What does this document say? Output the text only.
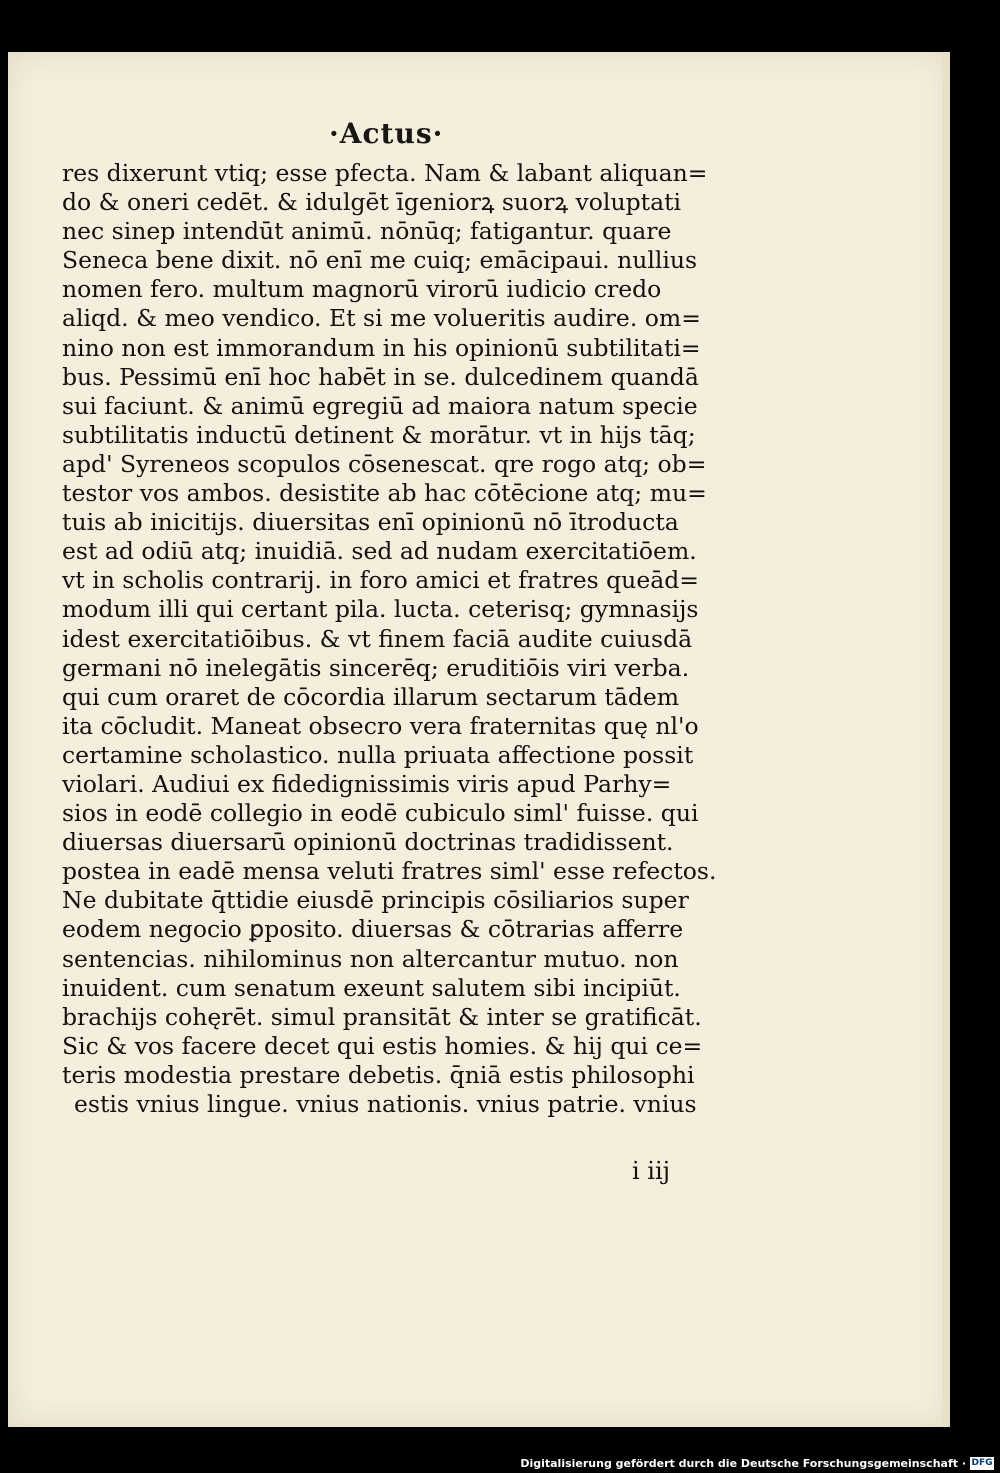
·Actus·
res dixerunt vtiq; esse pfecta. Nam & labant aliquan=
do & oneri cedēt. & idulgēt īgeniorꝝ suorꝝ voluptati
nec sinep intendūt animū. nōnūq; fatigantur. quare
Seneca bene dixit. nō enī me cuiq; emācipaui. nullius
nomen fero. multum magnorū virorū iudicio credo
aliqd. & meo vendico. Et si me volueritis audire. om=
nino non est immorandum in his opinionū subtilitati=
bus. Pessimū enī hoc habēt in se. dulcedinem quandā
sui faciunt. & animū egregiū ad maiora natum specie
subtilitatis inductū detinent & morātur. vt in hijs tāq;
apd' Syreneos scopulos cōsenescat. qre rogo atq; ob=
testor vos ambos. desistite ab hac cōtēcione atq; mu=
tuis ab inicitijs. diuersitas enī opinionū nō ītroducta
est ad odiū atq; inuidiā. sed ad nudam exercitatiōem.
vt in scholis contrarij. in foro amici et fratres queād=
modum illi qui certant pila. lucta. ceterisq; gymnasijs
idest exercitatiōibus. & vt finem faciā audite cuiusdā
germani nō inelegātis sincerēq; eruditiōis viri verba.
qui cum oraret de cōcordia illarum sectarum tādem
ita cōcludit. Maneat obsecro vera fraternitas quę nl'o
certamine scholastico. nulla priuata affectione possit
violari. Audiui ex fidedignissimis viris apud Parhy=
sios in eodē collegio in eodē cubiculo siml' fuisse. qui
diuersas diuersarū opinionū doctrinas tradidissent.
postea in eadē mensa veluti fratres siml' esse refectos.
Ne dubitate q̄ttidie eiusdē principis cōsiliarios super
eodem negocio ꝑposito. diuersas & cōtrarias afferre
sentencias. nihilominus non altercantur mutuo. non
inuident. cum senatum exeunt salutem sibi incipiūt.
brachijs cohęrēt. simul pransitāt & inter se gratificāt.
Sic & vos facere decet qui estis homies. & hij qui ce=
teris modestia prestare debetis. q̄niā estis philosophi
estis vnius lingue. vnius nationis. vnius patrie. vnius

i iij

Digitalisierung gefördert durch die Deutsche Forschungsgemeinschaft · DFG
